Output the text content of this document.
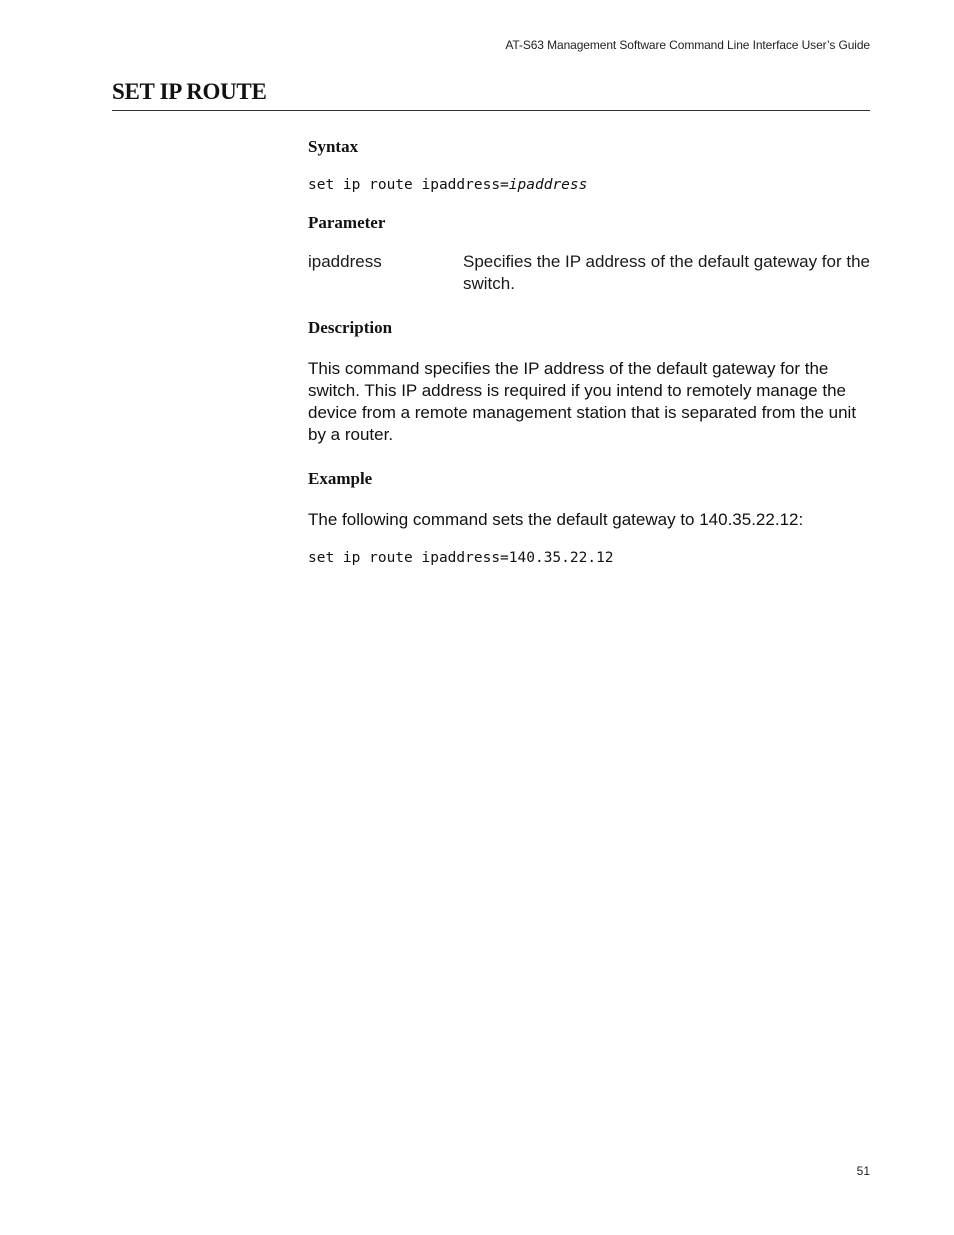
AT-S63 Management Software Command Line Interface User’s Guide
SET IP ROUTE
Syntax

set ip route ipaddress=ipaddress

Parameter
ipaddress	Specifies the IP address of the default gateway for the switch.
Description

This command specifies the IP address of the default gateway for the switch. This IP address is required if you intend to remotely manage the device from a remote management station that is separated from the unit by a router.

Example

The following command sets the default gateway to 140.35.22.12:

set ip route ipaddress=140.35.22.12

51
